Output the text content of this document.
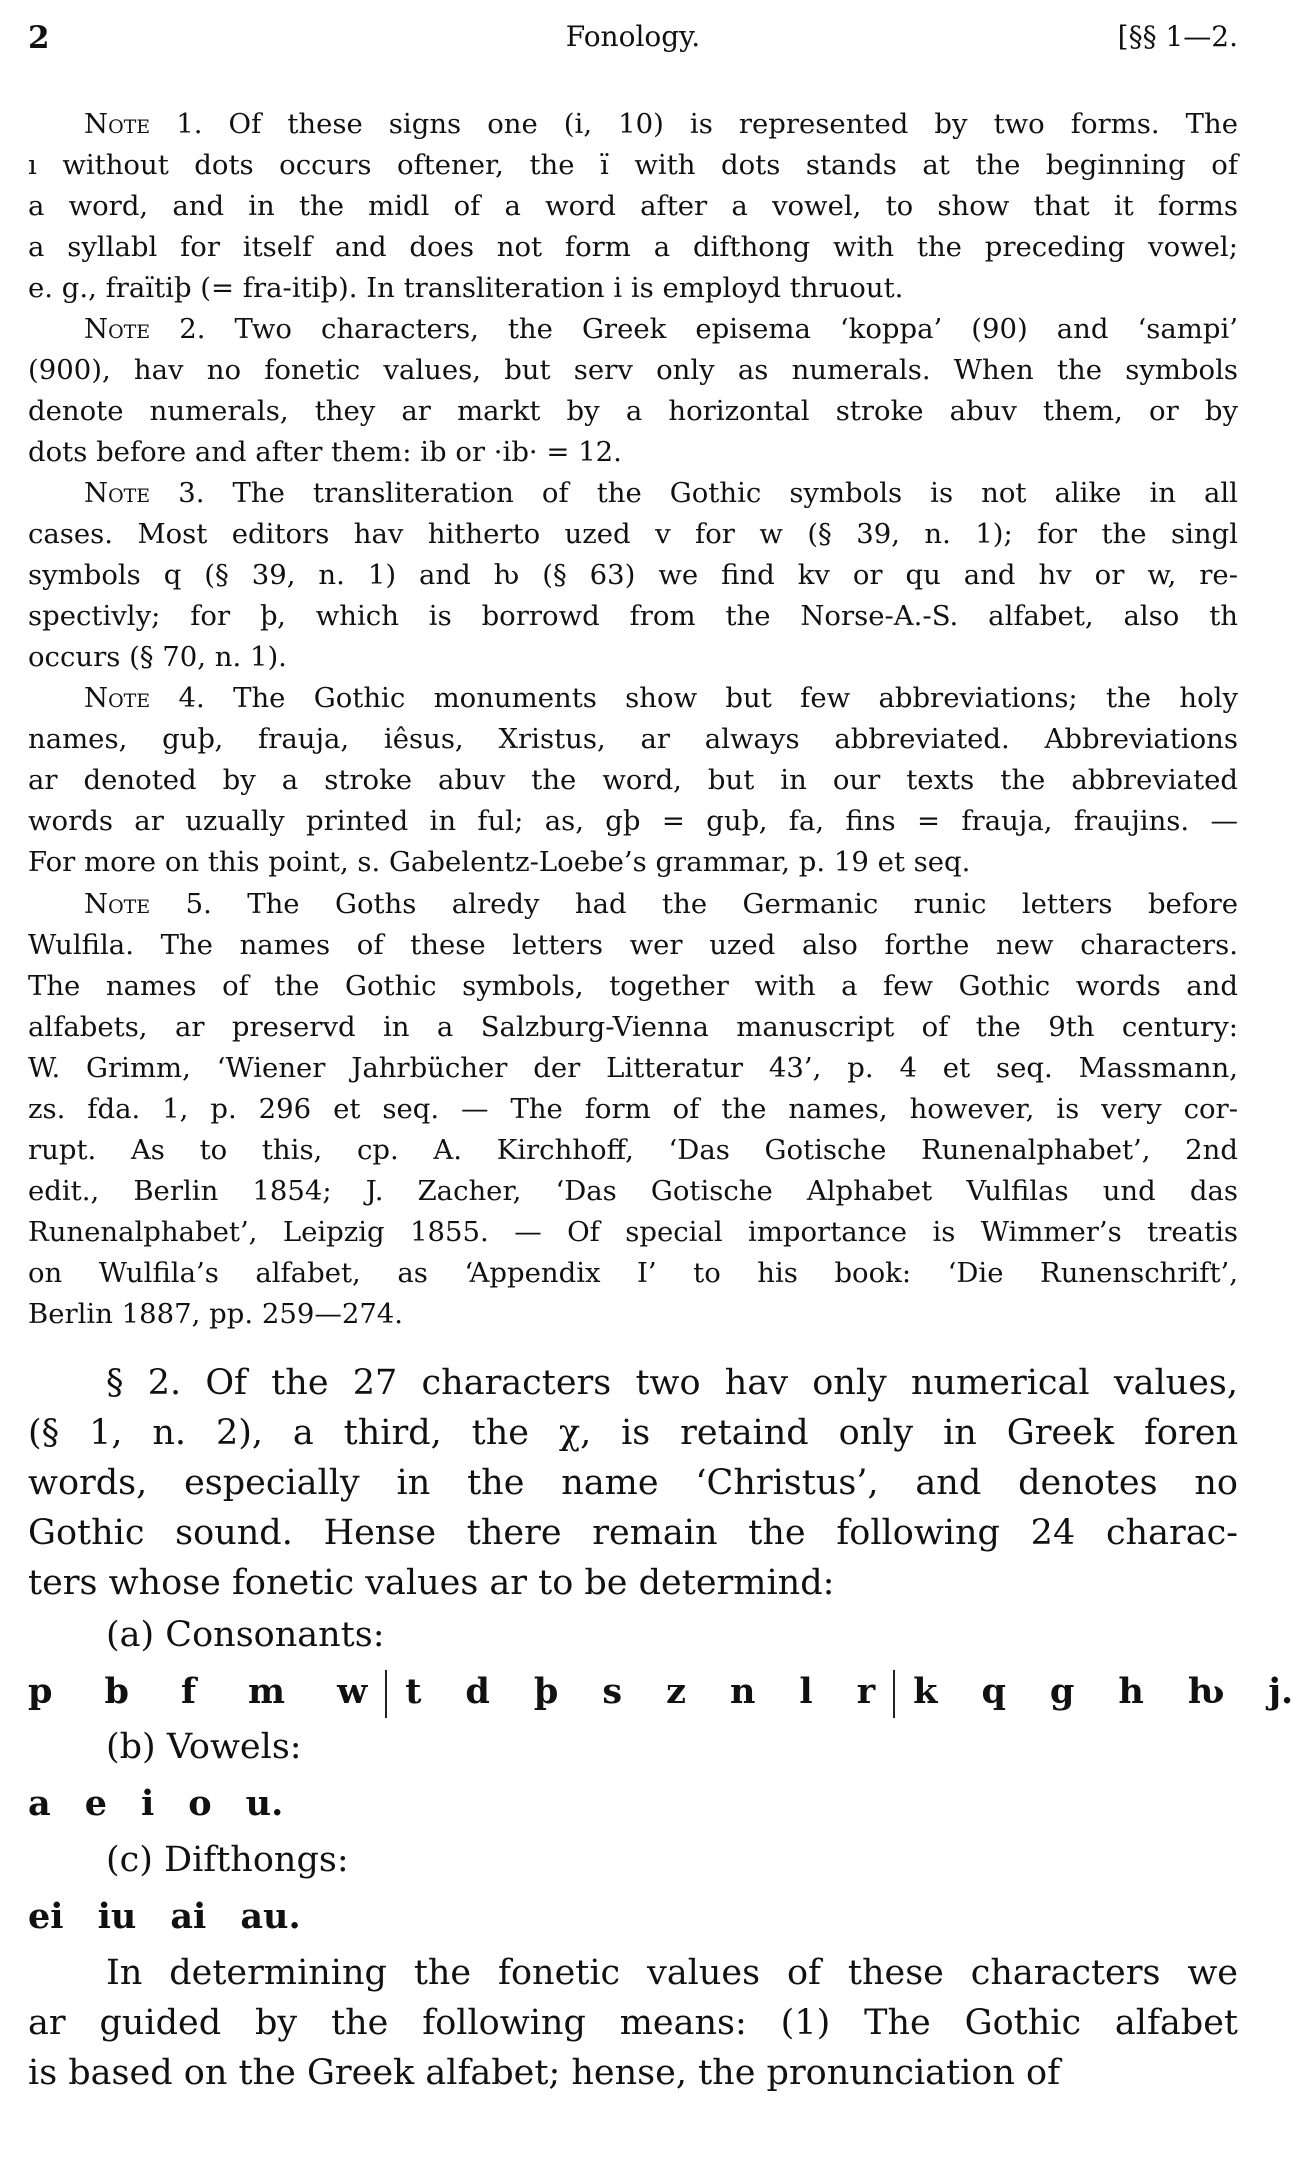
2	Fonology.	[§§ 1—2.
Note 1. Of these signs one (i, 10) is represented by two forms. The
ı without dots occurs oftener, the ï with dots stands at the beginning of
a word, and in the midl of a word after a vowel, to show that it forms
a syllabl for itself and does not form a difthong with the preceding vowel;
e. g., fraïtiþ (= fra-itiþ). In transliteration i is employd thruout.
Note 2. Two characters, the Greek episema ‘koppa’ (90) and ‘sampi’
(900), hav no fonetic values, but serv only as numerals. When the symbols
denote numerals, they ar markt by a horizontal stroke abuv them, or by
dots before and after them: ib or ·ib· = 12.
Note 3. The transliteration of the Gothic symbols is not alike in all
cases. Most editors hav hitherto uzed v for w (§ 39, n. 1); for the singl
symbols q (§ 39, n. 1) and ƕ (§ 63) we find kv or qu and hv or w, re-
spectivly; for þ, which is borrowd from the Norse-A.-S. alfabet, also th
occurs (§ 70, n. 1).
Note 4. The Gothic monuments show but few abbreviations; the holy
names, guþ, frauja, iêsus, Xristus, ar always abbreviated. Abbreviations
ar denoted by a stroke abuv the word, but in our texts the abbreviated
words ar uzually printed in ful; as, gþ = guþ, fa, fins = frauja, fraujins. —
For more on this point, s. Gabelentz-Loebe’s grammar, p. 19 et seq.
Note 5. The Goths alredy had the Germanic runic letters before
Wulfila. The names of these letters wer uzed also forthe new characters.
The names of the Gothic symbols, together with a few Gothic words and
alfabets, ar preservd in a Salzburg-Vienna manuscript of the 9th century:
W. Grimm, ‘Wiener Jahrbücher der Litteratur 43’, p. 4 et seq. Massmann,
zs. fda. 1, p. 296 et seq. — The form of the names, however, is very cor-
rupt. As to this, cp. A. Kirchhoff, ‘Das Gotische Runenalphabet’, 2nd
edit., Berlin 1854; J. Zacher, ‘Das Gotische Alphabet Vulfilas und das
Runenalphabet’, Leipzig 1855. — Of special importance is Wimmer’s treatis
on Wulfila’s alfabet, as ‘Appendix I’ to his book: ‘Die Runenschrift’,
Berlin 1887, pp. 259—274.
§ 2. Of the 27 characters two hav only numerical values,
(§ 1, n. 2), a third, the χ, is retaind only in Greek foren
words, especially in the name ‘Christus’, and denotes no
Gothic sound. Hense there remain the following 24 charac-
ters whose fonetic values ar to be determind:
(a) Consonants:
p b f m w t d þ s z n l r k q g h ƕ j.
(b) Vowels:
a e i o u.
(c) Difthongs:
ei iu ai au.
In determining the fonetic values of these characters we
ar guided by the following means: (1) The Gothic alfabet
is based on the Greek alfabet; hense, the pronunciation of
